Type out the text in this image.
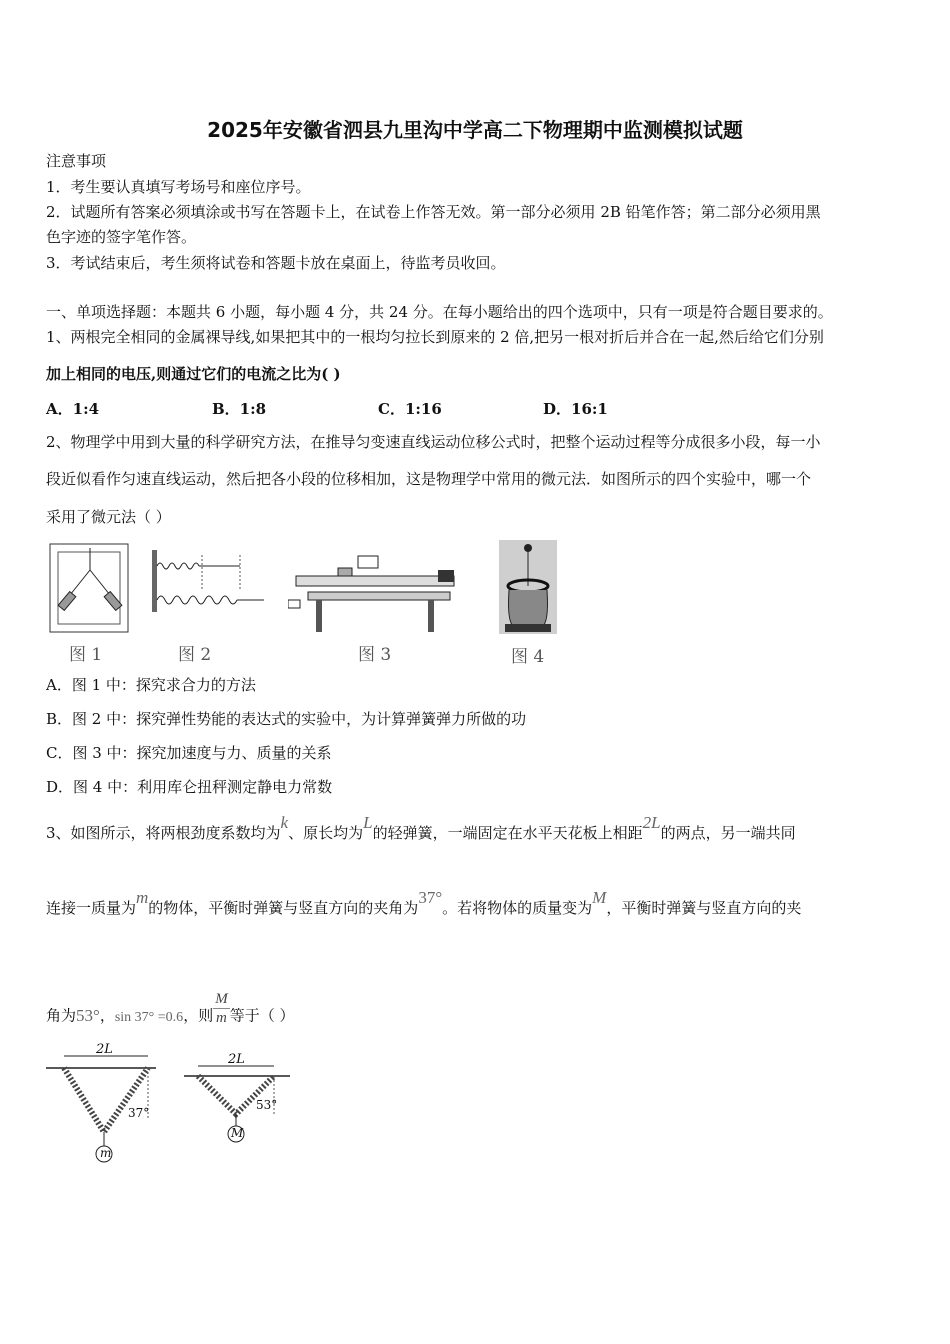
2025年安徽省泗县九里沟中学高二下物理期中监测模拟试题
注意事项
1．考生要认真填写考场号和座位序号。
2．试题所有答案必须填涂或书写在答题卡上，在试卷上作答无效。第一部分必须用 2B 铅笔作答；第二部分必须用黑
色字迹的签字笔作答。
3．考试结束后，考生须将试卷和答题卡放在桌面上，待监考员收回。
一、单项选择题：本题共 6 小题，每小题 4 分，共 24 分。在每小题给出的四个选项中，只有一项是符合题目要求的。
1、两根完全相同的金属裸导线,如果把其中的一根均匀拉长到原来的 2 倍,把另一根对折后并合在一起,然后给它们分别
加上相同的电压,则通过它们的电流之比为( )
A．1:4	B．1:8	C．1:16	D．16:1
2、物理学中用到大量的科学研究方法，在推导匀变速直线运动位移公式时，把整个运动过程等分成很多小段，每一小
段近似看作匀速直线运动，然后把各小段的位移相加，这是物理学中常用的微元法．如图所示的四个实验中，哪一个
采用了微元法（ ）
图 1	图 2	图 3	图 4
A．图 1 中：探究求合力的方法
B．图 2 中：探究弹性势能的表达式的实验中，为计算弹簧弹力所做的功
C．图 3 中：探究加速度与力、质量的关系
D．图 4 中：利用库仑扭秤测定静电力常数
3、如图所示，将两根劲度系数均为k、原长均为L的轻弹簧，一端固定在水平天花板上相距2L的两点，另一端共同
连接一质量为m的物体，平衡时弹簧与竖直方向的夹角为37°。若将物体的质量变为M，平衡时弹簧与竖直方向的夹
角为53°，sin 37° =0.6，则 $\frac{M}{m}$ 等于（ ）
2L
37°
m
2L
53°
M
